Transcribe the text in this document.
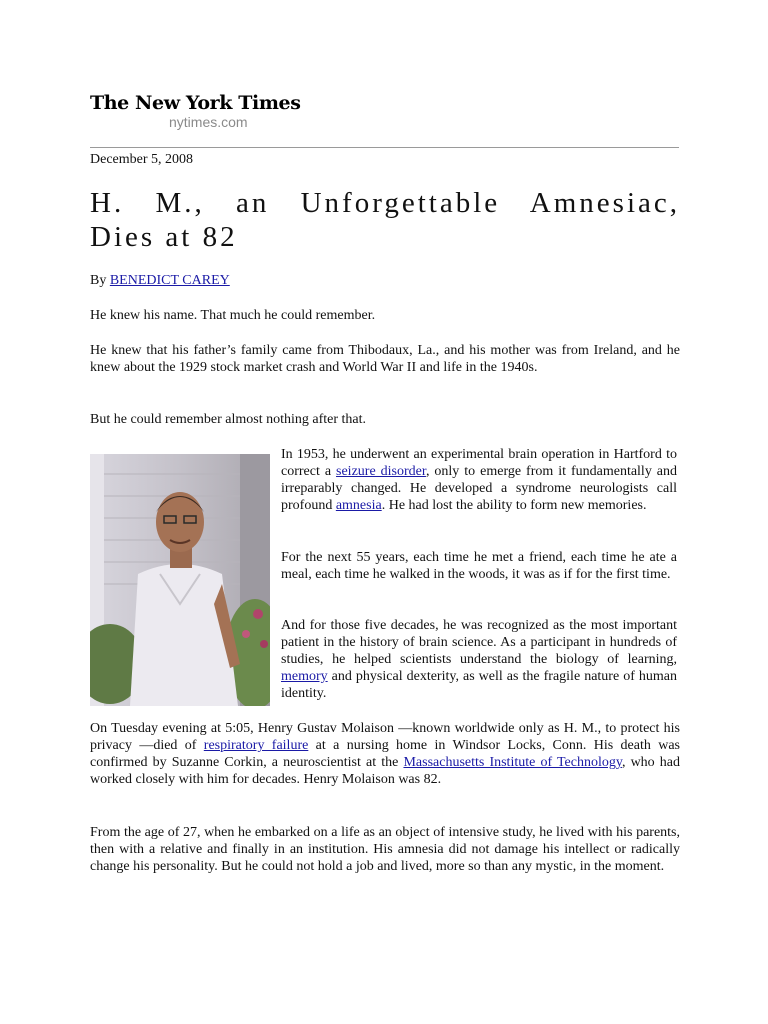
The New York Times
nytimes.com
December 5, 2008
H. M., an Unforgettable Amnesiac,
Dies at 82
By BENEDICT CAREY

He knew his name. That much he could remember.

He knew that his father’s family came from Thibodaux, La., and his mother was from Ireland, and he knew about the 1929 stock market crash and World War II and life in the 1940s.

But he could remember almost nothing after that.

In 1953, he underwent an experimental brain operation in Hartford to correct a seizure disorder, only to emerge from it fundamentally and irreparably changed. He developed a syndrome neurologists call profound amnesia. He had lost the ability to form new memories.

For the next 55 years, each time he met a friend, each time he ate a meal, each time he walked in the woods, it was as if for the first time.

And for those five decades, he was recognized as the most important patient in the history of brain science. As a participant in hundreds of studies, he helped scientists understand the biology of learning, memory and physical dexterity, as well as the fragile nature of human identity.

On Tuesday evening at 5:05, Henry Gustav Molaison —known worldwide only as H. M., to protect his privacy —died of respiratory failure at a nursing home in Windsor Locks, Conn. His death was confirmed by Suzanne Corkin, a neuroscientist at the Massachusetts Institute of Technology, who had worked closely with him for decades. Henry Molaison was 82.

From the age of 27, when he embarked on a life as an object of intensive study, he lived with his parents, then with a relative and finally in an institution. His amnesia did not damage his intellect or radically change his personality. But he could not hold a job and lived, more so than any mystic, in the moment.
